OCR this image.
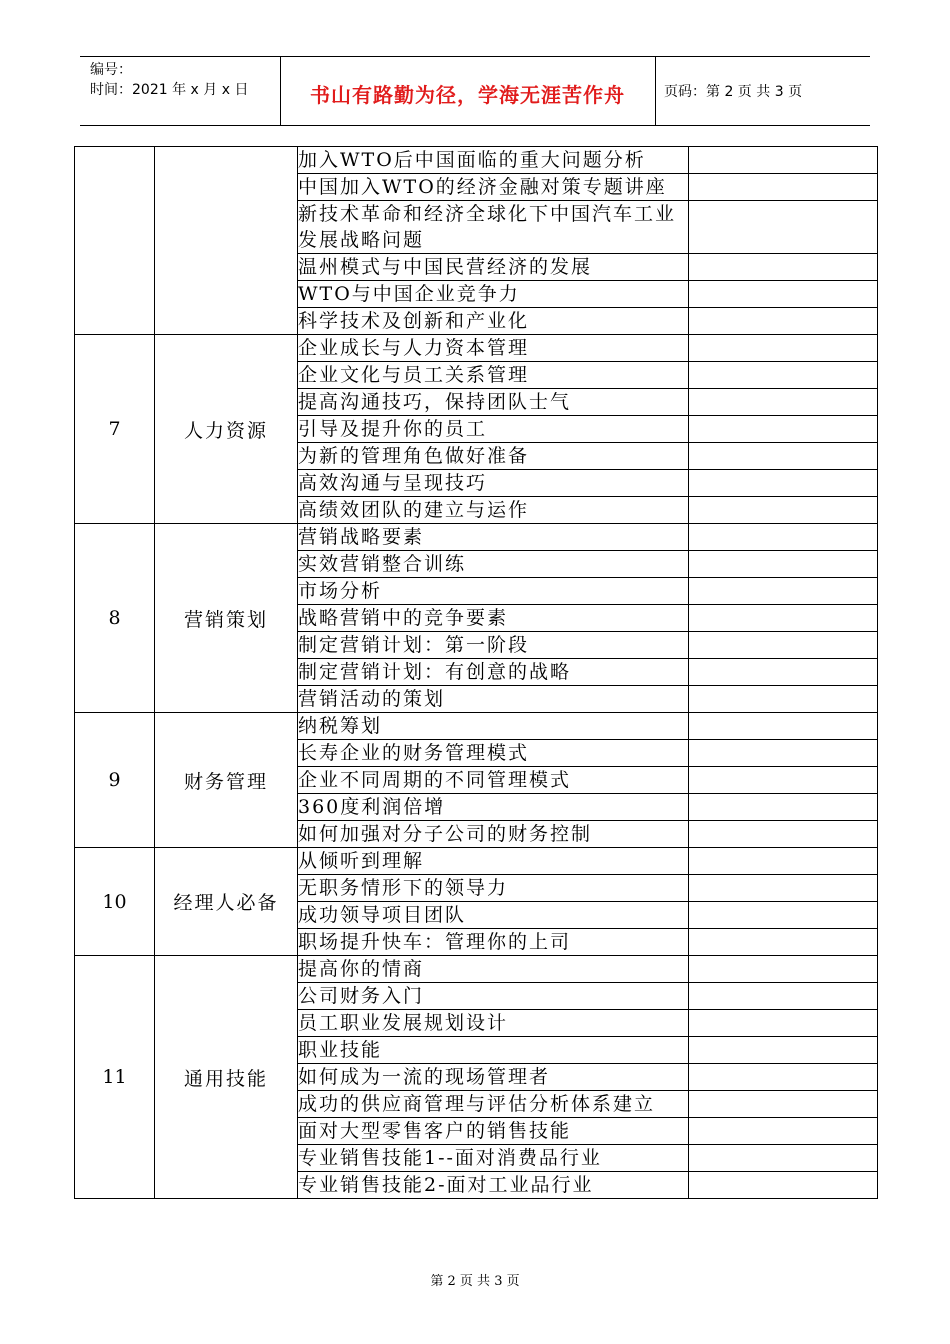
编号：
时间：2021 年 x 月 x 日	书山有路勤为径，学海无涯苦作舟	页码：第 2 页 共 3 页
		加入WTO后中国面临的重大问题分析	
		中国加入WTO的经济金融对策专题讲座	
		新技术革命和经济全球化下中国汽车工业发展战略问题	
		温州模式与中国民营经济的发展	
		WTO与中国企业竞争力	
		科学技术及创新和产业化	
7	人力资源	企业成长与人力资本管理	
		企业文化与员工关系管理	
		提高沟通技巧，保持团队士气	
		引导及提升你的员工	
		为新的管理角色做好准备	
		高效沟通与呈现技巧	
		高绩效团队的建立与运作	
8	营销策划	营销战略要素	
		实效营销整合训练	
		市场分析	
		战略营销中的竞争要素	
		制定营销计划：第一阶段	
		制定营销计划：有创意的战略	
		营销活动的策划	
9	财务管理	纳税筹划	
		长寿企业的财务管理模式	
		企业不同周期的不同管理模式	
		360度利润倍增	
		如何加强对分子公司的财务控制	
10	经理人必备	从倾听到理解	
		无职务情形下的领导力	
		成功领导项目团队	
		职场提升快车：管理你的上司	
11	通用技能	提高你的情商	
		公司财务入门	
		员工职业发展规划设计	
		职业技能	
		如何成为一流的现场管理者	
		成功的供应商管理与评估分析体系建立	
		面对大型零售客户的销售技能	
		专业销售技能1--面对消费品行业	
		专业销售技能2-面对工业品行业	
第 2 页 共 3 页
